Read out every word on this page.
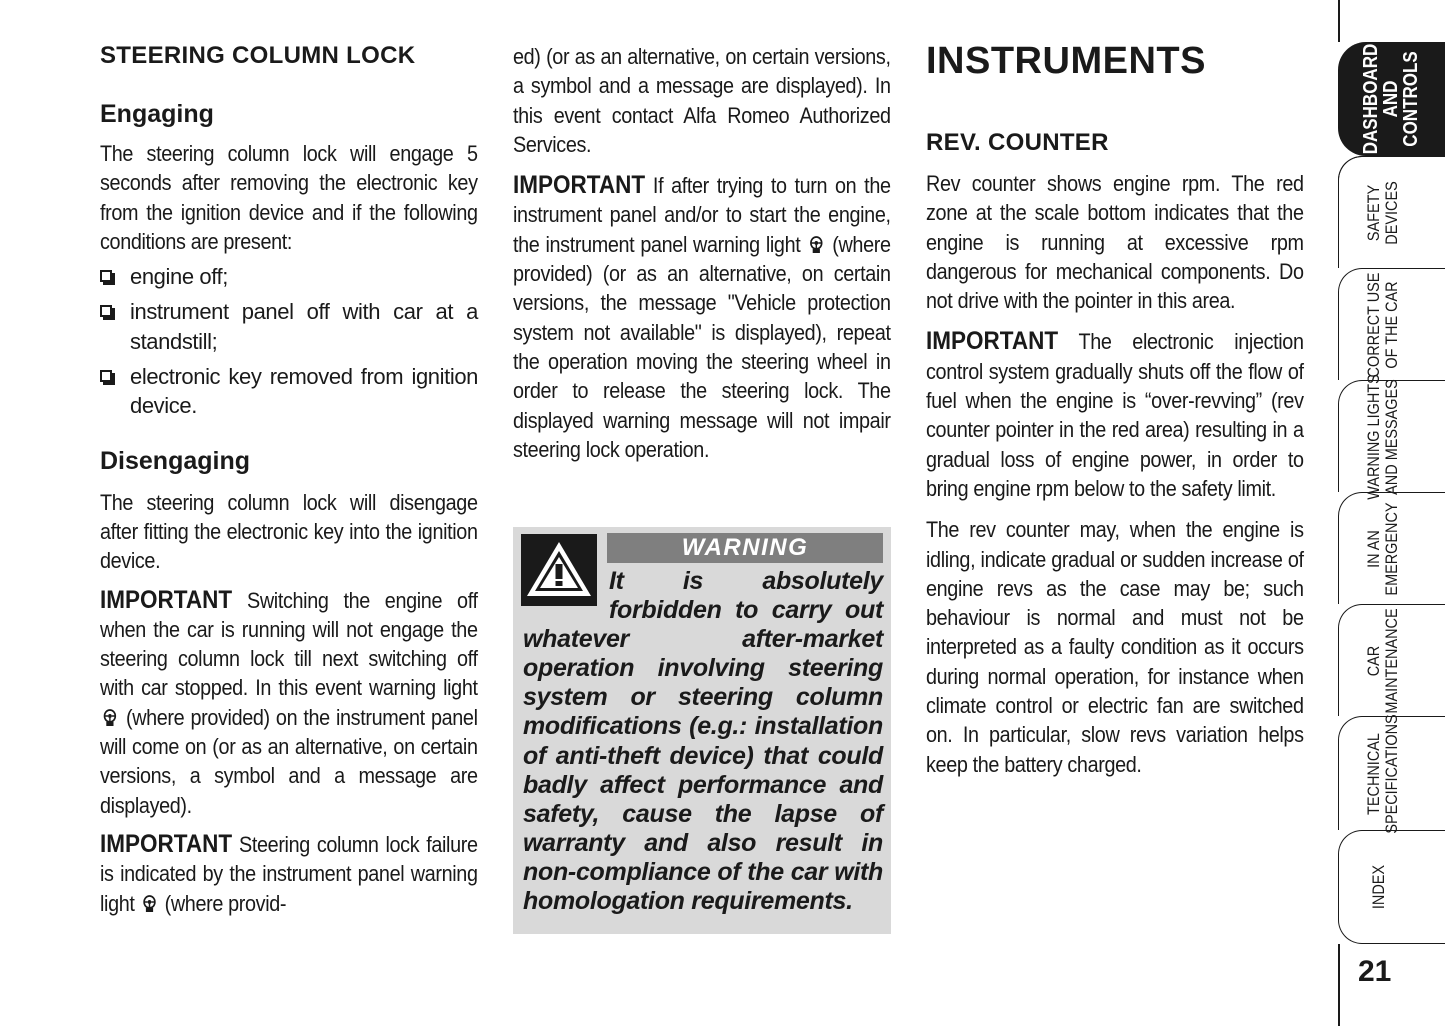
STEERING COLUMN LOCK
Engaging

The steering column lock will engage 5 seconds after removing the electronic key from the ignition device and if the following conditions are present:

engine off;
instrument panel off with car at a standstill;
electronic key removed from ignition device.
Disengaging

The steering column lock will disengage after fitting the electronic key into the ignition device.

IMPORTANT Switching the engine off when the car is running will not engage the steering column lock till next switching off with car stopped. In this event warning light  (where provided) on the instrument panel will come on (or as an alternative, on certain versions, a symbol and a message are displayed).

IMPORTANT Steering column lock failure is indicated by the instrument panel warning light (where provid-

ed) (or as an alternative, on certain versions, a symbol and a message are displayed). In this event contact Alfa Romeo Authorized Services.

IMPORTANT If after trying to turn on the instrument panel and/or to start the engine, the instrument panel warning light (where provided) (or as an alternative, on certain versions, the message "Vehicle protection system not available" is displayed), repeat the operation moving the steering wheel in order to release the steering lock. The displayed warning message will not impair steering lock operation.

WARNING
It is absolutely forbidden to carry out whatever after-market operation involving steering system or steering column modifications (e.g.: installation of anti-theft device) that could badly affect performance and safety, cause the lapse of warranty and also result in non-compliance of the car with homologation requirements.
INSTRUMENTS
REV. COUNTER

Rev counter shows engine rpm. The red zone at the scale bottom indicates that the engine is running at excessive rpm dangerous for mechanical components. Do not drive with the pointer in this area.

IMPORTANT The electronic injection control system gradually shuts off the flow of fuel when the engine is “over-revving” (rev counter pointer in the red area) resulting in a gradual loss of engine power, in order to bring engine rpm below to the safety limit.

The rev counter may, when the engine is idling, indicate gradual or sudden increase of engine revs as the case may be; such behaviour is normal and must not be interpreted as a faulty condition as it occurs during normal operation, for instance when climate control or electric fan are switched on. In particular, slow revs variation helps keep the battery charged.

DASHBOARD
AND
CONTROLS
SAFETY DEVICES
CORRECT USE OF THE CAR
WARNING LIGHTS AND MESSAGES
IN AN EMERGENCY
CAR MAINTENANCE
TECHNICAL SPECIFICATIONS
INDEX
21
